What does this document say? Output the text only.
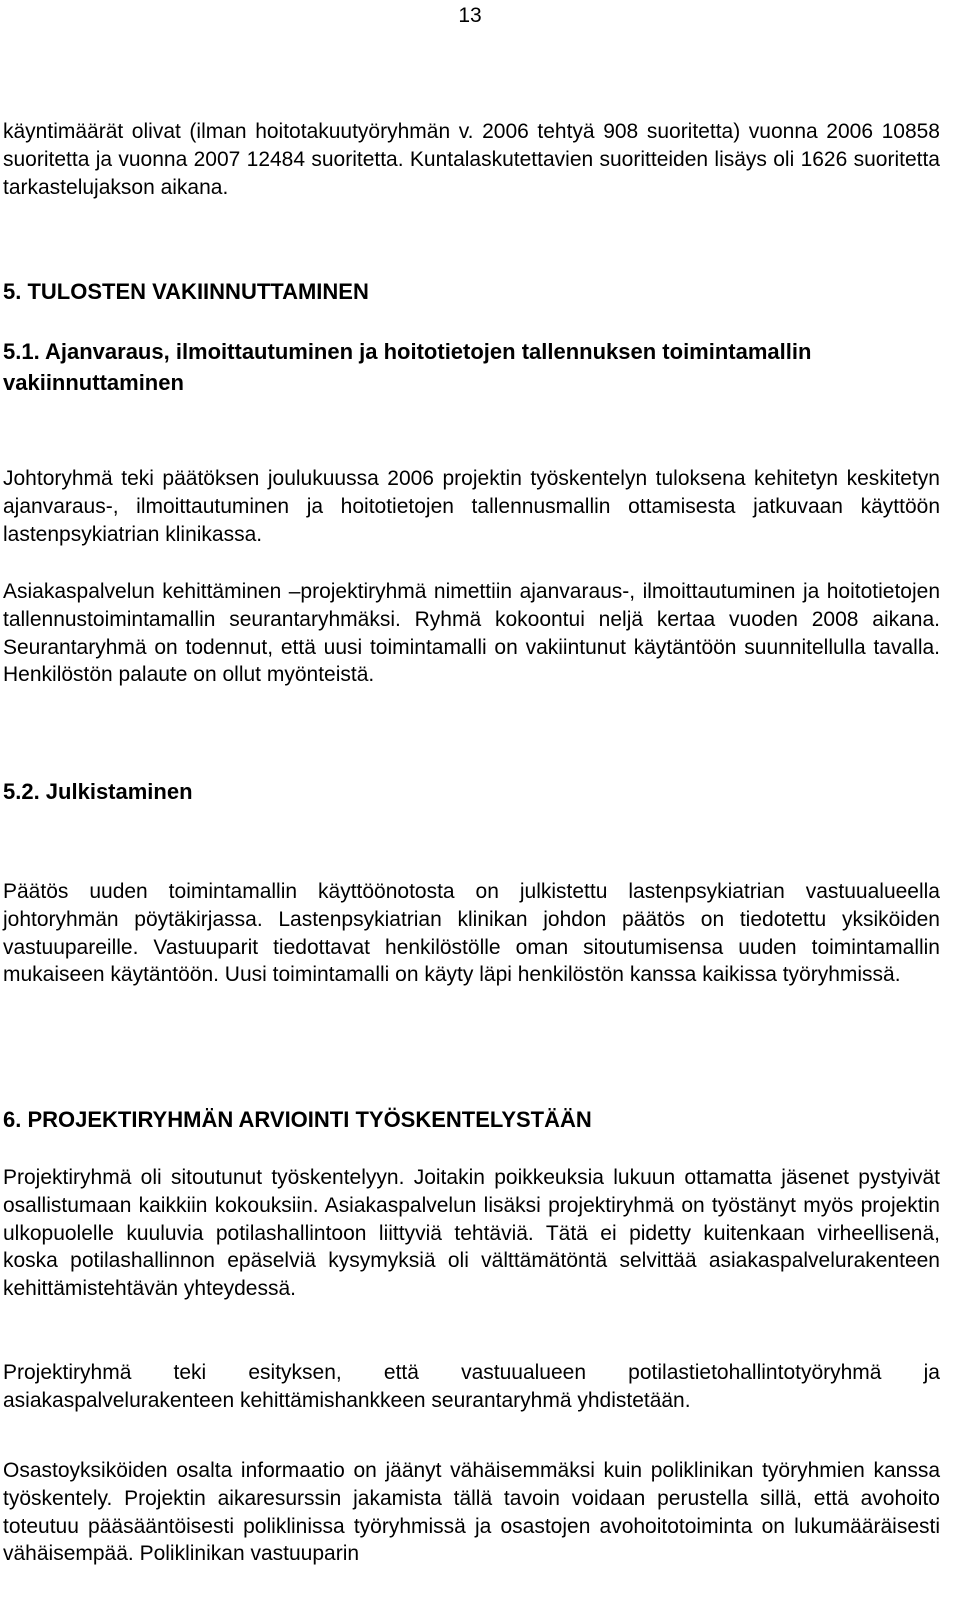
13

käyntimäärät olivat (ilman hoitotakuutyöryhmän v. 2006 tehtyä 908 suoritetta) vuonna 2006 10858 suoritetta ja vuonna 2007 12484 suoritetta. Kuntalaskutettavien suoritteiden lisäys oli 1626 suoritetta tarkastelujakson aikana.

5. TULOSTEN VAKIINNUTTAMINEN
5.1. Ajanvaraus, ilmoittautuminen ja hoitotietojen tallennuksen toimintamallin vakiinnuttaminen

Johtoryhmä teki päätöksen joulukuussa 2006 projektin työskentelyn tuloksena kehitetyn keskitetyn ajanvaraus-, ilmoittautuminen ja hoitotietojen tallennusmallin ottamisesta jatkuvaan käyttöön lastenpsykiatrian klinikassa.

Asiakaspalvelun kehittäminen –projektiryhmä nimettiin ajanvaraus-, ilmoittautuminen ja hoitotietojen tallennustoimintamallin seurantaryhmäksi. Ryhmä kokoontui neljä kertaa vuoden 2008 aikana. Seurantaryhmä on todennut, että uusi toimintamalli on vakiintunut käytäntöön suunnitellulla tavalla. Henkilöstön palaute on ollut myönteistä.

5.2. Julkistaminen

Päätös uuden toimintamallin käyttöönotosta on julkistettu lastenpsykiatrian vastuualueella johtoryhmän pöytäkirjassa. Lastenpsykiatrian klinikan johdon päätös on tiedotettu yksiköiden vastuupareille. Vastuuparit tiedottavat henkilöstölle oman sitoutumisensa uuden toimintamallin mukaiseen käytäntöön. Uusi toimintamalli on käyty läpi henkilöstön kanssa kaikissa työryhmissä.

6. PROJEKTIRYHMÄN ARVIOINTI TYÖSKENTELYSTÄÄN

Projektiryhmä oli sitoutunut työskentelyyn. Joitakin poikkeuksia lukuun ottamatta jäsenet pystyivät osallistumaan kaikkiin kokouksiin. Asiakaspalvelun lisäksi projektiryhmä on työstänyt myös projektin ulkopuolelle kuuluvia potilashallintoon liittyviä tehtäviä. Tätä ei pidetty kuitenkaan virheellisenä, koska potilashallinnon epäselviä kysymyksiä oli välttämätöntä selvittää asiakaspalvelurakenteen kehittämistehtävän yhteydessä.

Projektiryhmä teki esityksen, että vastuualueen potilastietohallintotyöryhmä ja asiakaspalvelurakenteen kehittämishankkeen seurantaryhmä yhdistetään.

Osastoyksiköiden osalta informaatio on jäänyt vähäisemmäksi kuin poliklinikan työryhmien kanssa työskentely. Projektin aikaresurssin jakamista tällä tavoin voidaan perustella sillä, että avohoito toteutuu pääsääntöisesti poliklinissa työryhmissä ja osastojen avohoitotoiminta on lukumääräisesti vähäisempää. Poliklinikan vastuuparin
